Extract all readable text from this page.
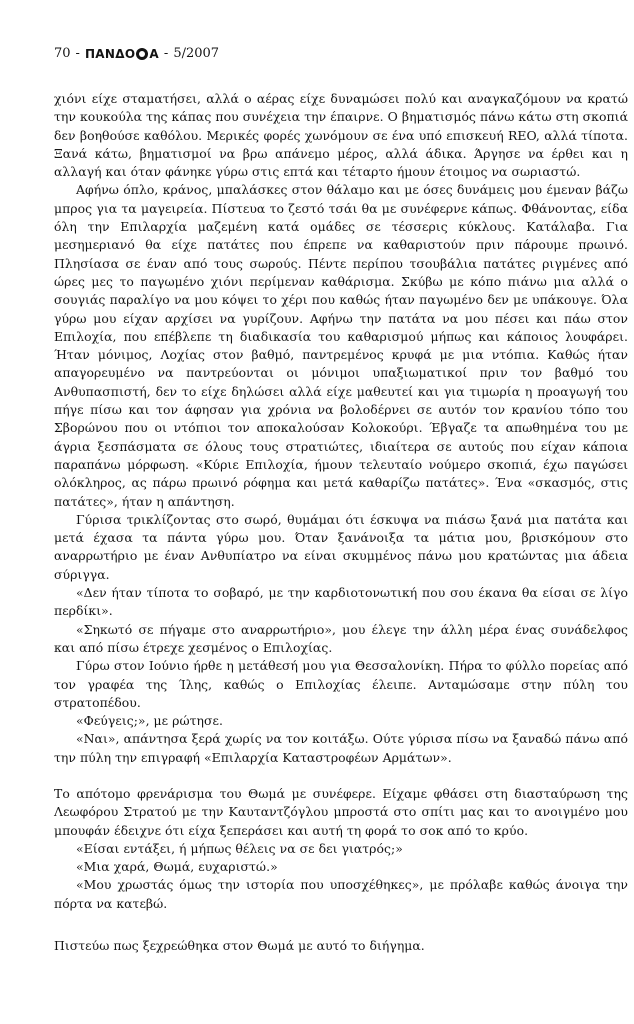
70 - ΠΑΝΔΟ Α - 5/2007

χιόνι είχε σταματήσει, αλλά ο αέρας είχε δυναμώσει πολύ και αναγκαζόμουν να κρατώ την κουκούλα της κάπας που συνέχεια την έπαιρνε. Ο βηματισμός πάνω κάτω στη σκοπιά δεν βοηθούσε καθόλου. Μερικές φορές χωνόμουν σε ένα υπό επισκευή REO, αλλά τίποτα. Ξανά κάτω, βηματισμοί να βρω απάνεμο μέρος, αλλά άδικα. Άργησε να έρθει και η αλλαγή και όταν φάνηκε γύρω στις επτά και τέταρτο ήμουν έτοιμος να σωριαστώ.

Αφήνω όπλο, κράνος, μπαλάσκες στον θάλαμο και με όσες δυνάμεις μου έμεναν βάζω μπρος για τα μαγειρεία. Πίστευα το ζεστό τσάι θα με συνέφερνε κάπως. Φθάνοντας, είδα όλη την Επιλαρχία μαζεμένη κατά ομάδες σε τέσσερις κύκλους. Κατάλαβα. Για μεσημεριανό θα είχε πατάτες που έπρεπε να καθαριστούν πριν πάρουμε πρωινό. Πλησίασα σε έναν από τους σωρούς. Πέντε περίπου τσουβάλια πατάτες ριγμένες από ώρες μες το παγωμένο χιόνι περίμεναν καθάρισμα. Σκύβω με κόπο πιάνω μια αλλά ο σουγιάς παραλίγο να μου κόψει το χέρι που καθώς ήταν παγωμένο δεν με υπάκουγε. Όλα γύρω μου είχαν αρχίσει να γυρίζουν. Αφήνω την πατάτα να μου πέσει και πάω στον Επιλοχία, που επέβλεπε τη διαδικασία του καθαρισμού μήπως και κάποιος λουφάρει. Ήταν μόνιμος, Λοχίας στον βαθμό, παντρεμένος κρυφά με μια ντόπια. Καθώς ήταν απαγορευμένο να παντρεύονται οι μόνιμοι υπαξιωματικοί πριν τον βαθμό του Ανθυπασπιστή, δεν το είχε δηλώσει αλλά είχε μαθευτεί και για τιμωρία η προαγωγή του πήγε πίσω και τον άφησαν για χρόνια να βολοδέρνει σε αυτόν τον κρανίου τόπο του Σβορώνου που οι ντόπιοι τον αποκαλούσαν Κολοκούρι. Έβγαζε τα απωθημένα του με άγρια ξεσπάσματα σε όλους τους στρατιώτες, ιδιαίτερα σε αυτούς που είχαν κάποια παραπάνω μόρφωση. «Κύριε Επιλοχία, ήμουν τελευταίο νούμερο σκοπιά, έχω παγώσει ολόκληρος, ας πάρω πρωινό ρόφημα και μετά καθαρίζω πατάτες». Ένα «σκασμός, στις πατάτες», ήταν η απάντηση.

Γύρισα τρικλίζοντας στο σωρό, θυμάμαι ότι έσκυψα να πιάσω ξανά μια πατάτα και μετά έχασα τα πάντα γύρω μου. Όταν ξανάνοιξα τα μάτια μου, βρισκόμουν στο αναρρωτήριο με έναν Ανθυπίατρο να είναι σκυμμένος πάνω μου κρατώντας μια άδεια σύριγγα.

«Δεν ήταν τίποτα το σοβαρό, με την καρδιοτονωτική που σου έκανα θα είσαι σε λίγο περδίκι».

«Σηκωτό σε πήγαμε στο αναρρωτήριο», μου έλεγε την άλλη μέρα ένας συνάδελφος και από πίσω έτρεχε χεσμένος ο Επιλοχίας.

Γύρω στον Ιούνιο ήρθε η μετάθεσή μου για Θεσσαλονίκη. Πήρα το φύλλο πορείας από τον γραφέα της Ίλης, καθώς ο Επιλοχίας έλειπε. Ανταμώσαμε στην πύλη του στρατοπέδου.

«Φεύγεις;», με ρώτησε.

«Ναι», απάντησα ξερά χωρίς να τον κοιτάξω. Ούτε γύρισα πίσω να ξαναδώ πάνω από την πύλη την επιγραφή «Επιλαρχία Καταστροφέων Αρμάτων».

Το απότομο φρενάρισμα του Θωμά με συνέφερε. Είχαμε φθάσει στη διασταύρωση της Λεωφόρου Στρατού με την Καυταντζόγλου μπροστά στο σπίτι μας και το ανοιγμένο μου μπουφάν έδειχνε ότι είχα ξεπεράσει και αυτή τη φορά το σοκ από το κρύο.

«Είσαι εντάξει, ή μήπως θέλεις να σε δει γιατρός;»

«Μια χαρά, Θωμά, ευχαριστώ.»

«Μου χρωστάς όμως την ιστορία που υποσχέθηκες», με πρόλαβε καθώς άνοιγα την πόρτα να κατεβώ.

Πιστεύω πως ξεχρεώθηκα στον Θωμά με αυτό το διήγημα.
